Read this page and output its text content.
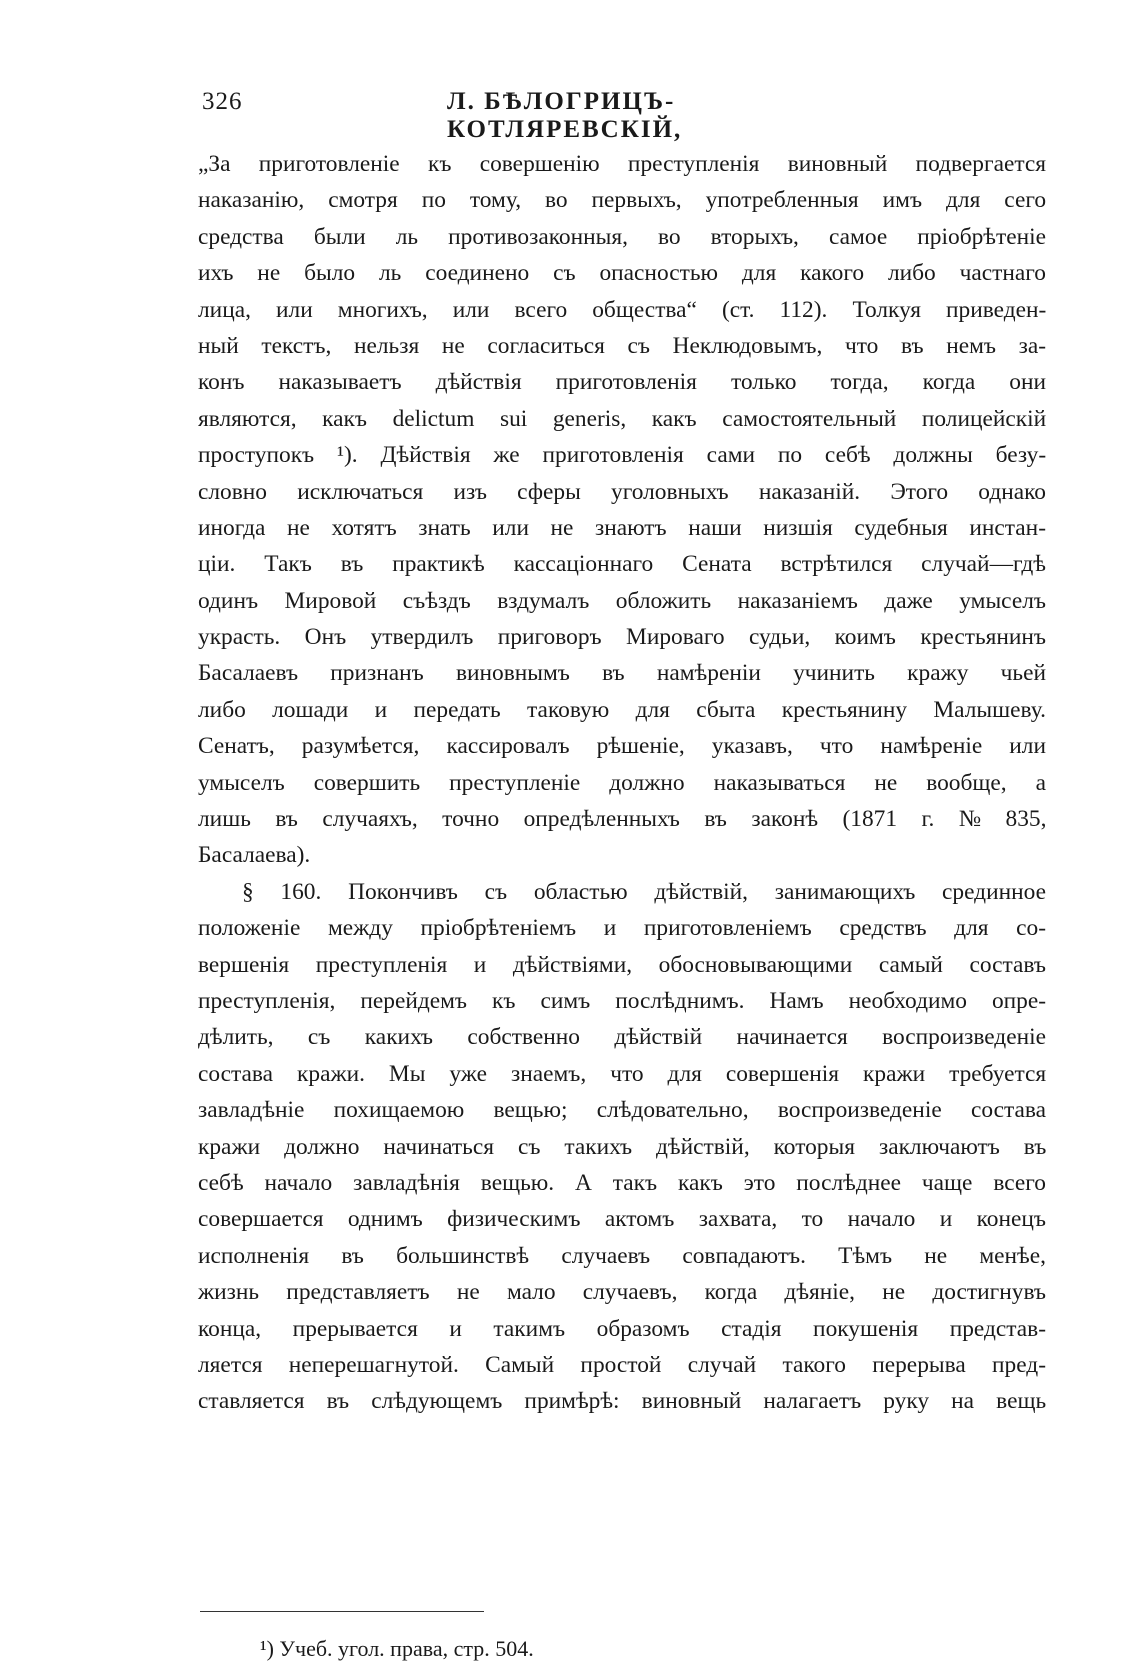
326	Л. БѢЛОГРИЦЪ-КОТЛЯРЕВСКІЙ,
„За приготовленіе къ совершенію преступленія виновный подвергается
наказанію, смотря по тому, во первыхъ, употребленныя имъ для сего
средства были ль противозаконныя, во вторыхъ, самое пріобрѣтеніе
ихъ не было ль соединено съ опасностью для какого либо частнаго
лица, или многихъ, или всего общества“ (ст. 112). Толкуя приведен-
ный текстъ, нельзя не согласиться съ Неклюдовымъ, что въ немъ за-
конъ наказываетъ дѣйствія приготовленія только тогда, когда они
являются, какъ delictum sui generis, какъ самостоятельный полицейскій
проступокъ ¹). Дѣйствія же приготовленія сами по себѣ должны безу-
словно исключаться изъ сферы уголовныхъ наказаній. Этого однако
иногда не хотятъ знать или не знаютъ наши низшія судебныя инстан-
ціи. Такъ въ практикѣ кассаціоннаго Сената встрѣтился случай—гдѣ
одинъ Мировой съѣздъ вздумалъ обложить наказаніемъ даже умыселъ
украсть. Онъ утвердилъ приговоръ Мироваго судьи, коимъ крестьянинъ
Басалаевъ признанъ виновнымъ въ намѣреніи учинить кражу чьей
либо лошади и передать таковую для сбыта крестьянину Малышеву.
Сенатъ, разумѣется, кассировалъ рѣшеніе, указавъ, что намѣреніе или
умыселъ совершить преступленіе должно наказываться не вообще, а
лишь въ случаяхъ, точно опредѣленныхъ въ законѣ (1871 г. № 835,
Басалаева).
§ 160. Покончивъ съ областью дѣйствій, занимающихъ срединное
положеніе между пріобрѣтеніемъ и приготовленіемъ средствъ для со-
вершенія преступленія и дѣйствіями, обосновывающими самый составъ
преступленія, перейдемъ къ симъ послѣднимъ. Намъ необходимо опре-
дѣлить, съ какихъ собственно дѣйствій начинается воспроизведеніе
состава кражи. Мы уже знаемъ, что для совершенія кражи требуется
завладѣніе похищаемою вещью; слѣдовательно, воспроизведеніе состава
кражи должно начинаться съ такихъ дѣйствій, которыя заключаютъ въ
себѣ начало завладѣнія вещью. А такъ какъ это послѣднее чаще всего
совершается однимъ физическимъ актомъ захвата, то начало и конецъ
исполненія въ большинствѣ случаевъ совпадаютъ. Тѣмъ не менѣе,
жизнь представляетъ не мало случаевъ, когда дѣяніе, не достигнувъ
конца, прерывается и такимъ образомъ стадія покушенія представ-
ляется неперешагнутой. Самый простой случай такого перерыва пред-
ставляется въ слѣдующемъ примѣрѣ: виновный налагаетъ руку на вещь
¹) Учеб. угол. права, стр. 504.
